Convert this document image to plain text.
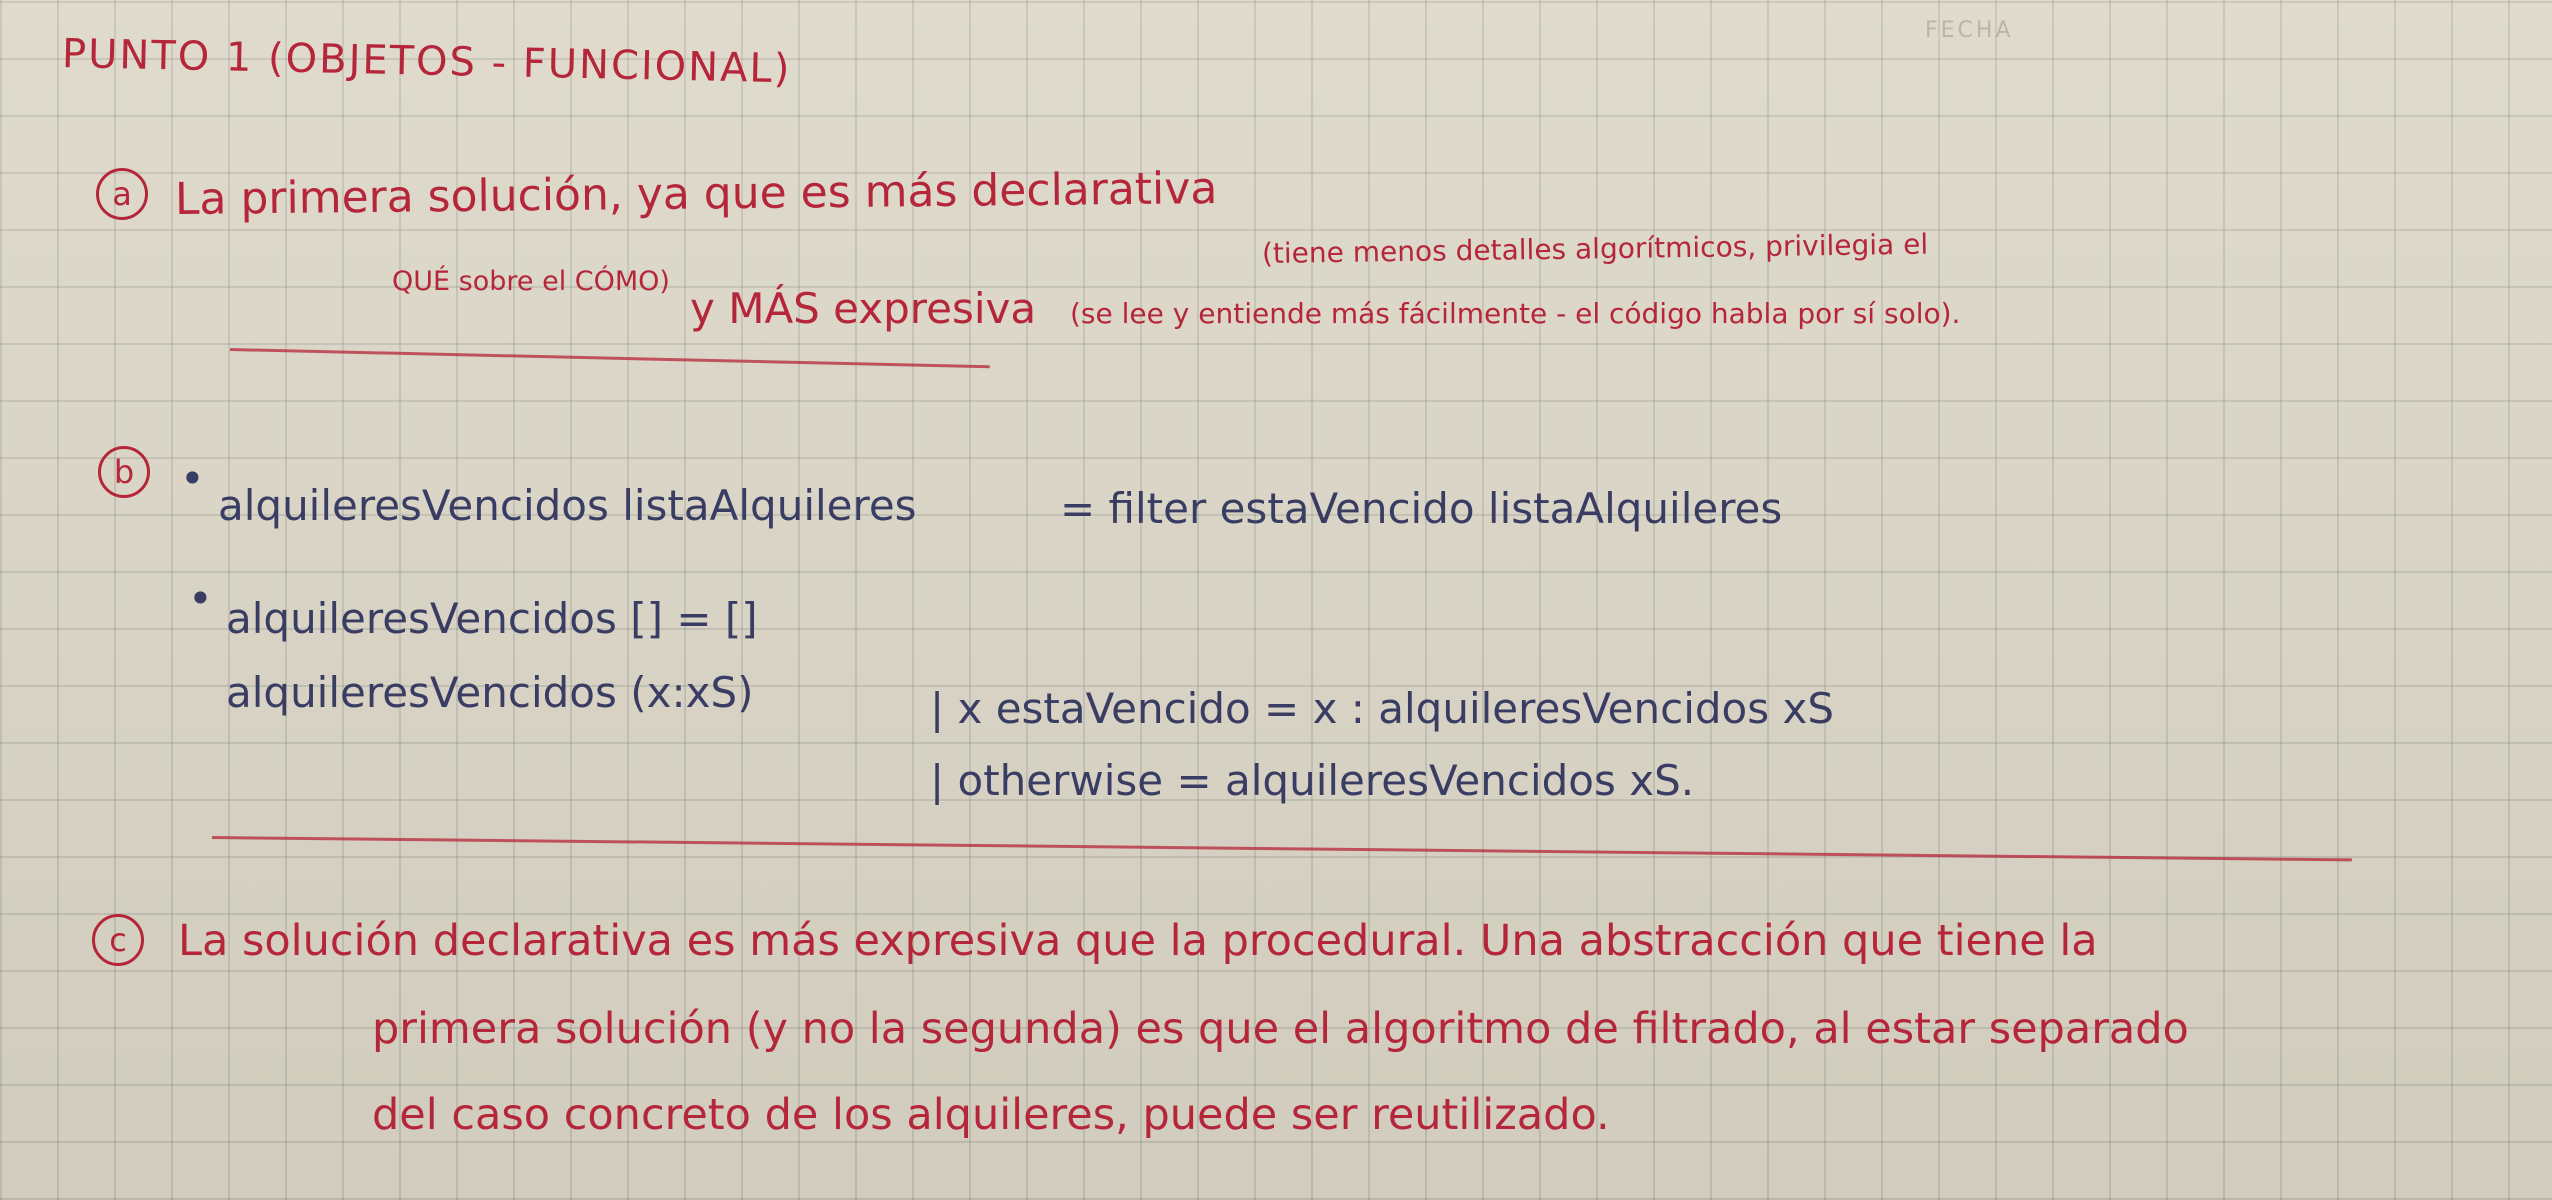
FECHA
PUNTO 1 (OBJETOS - FUNCIONAL)
a La primera solución, ya que es más declarativa
(tiene menos detalles algorítmicos, privilegia el
QUÉ sobre el CÓMO)
y MÁS expresiva (se lee y entiende más fácilmente - el código habla por sí solo).
b	•
alquileresVencidos listaAlquileres	= filter estaVencido listaAlquileres
• alquileresVencidos [] = []
alquileresVencidos (x:xS)	| x estaVencido = x : alquileresVencidos xS
| otherwise = alquileresVencidos xS.
c	La solución declarativa es más expresiva que la procedural. Una abstracción que tiene la
primera solución (y no la segunda) es que el algoritmo de filtrado, al estar separado
del caso concreto de los alquileres, puede ser reutilizado.
